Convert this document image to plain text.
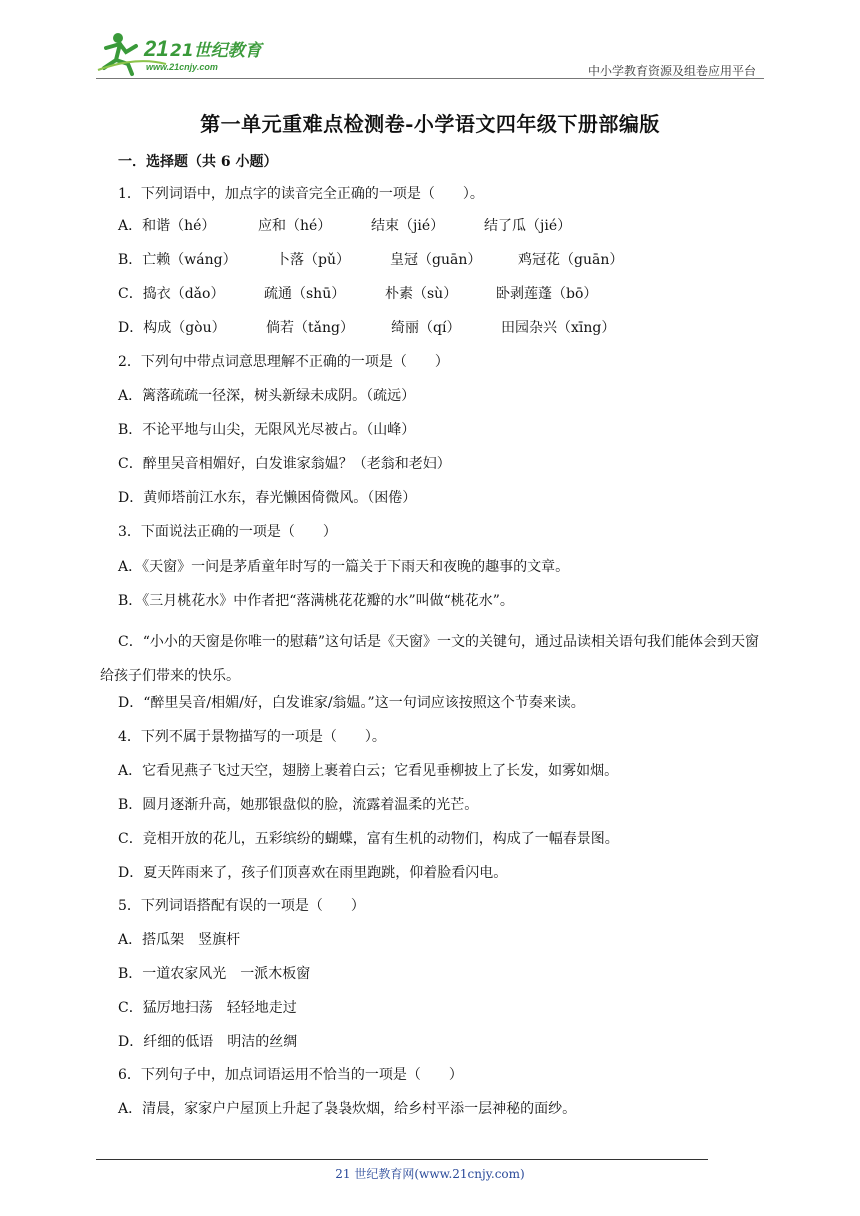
21 21世纪教育
www.21cnjy.com	中小学教育资源及组卷应用平台
第一单元重难点检测卷-小学语文四年级下册部编版
一．选择题（共 6 小题）
1．下列词语中，加点字的读音完全正确的一项是（　　）。
A．和谐（hé）	应和（hé）	结束（jié）	结了瓜（jié）
B．亡赖（wáng）	卜落（pǔ）	皇冠（guān）	鸡冠花（guān）
C．捣衣（dǎo）	疏通（shū）	朴素（sù）	卧剥莲蓬（bō）
D．构成（gòu）	倘若（tǎng）	绮丽（qí）	田园杂兴（xīng）
2．下列句中带点词意思理解不正确的一项是（　　）
A．篱落疏疏一径深，树头新绿未成阴。（疏远）
B．不论平地与山尖，无限风光尽被占。（山峰）
C．醉里吴音相媚好，白发谁家翁媪？（老翁和老妇）
D．黄师塔前江水东，春光懒困倚微风。（困倦）
3．下面说法正确的一项是（　　）
A．《天窗》一问是茅盾童年时写的一篇关于下雨天和夜晚的趣事的文章。
B．《三月桃花水》中作者把“落满桃花花瓣的水”叫做“桃花水”。
C．“小小的天窗是你唯一的慰藉”这句话是《天窗》一文的关键句，通过品读相关语句我们能体会到天窗给孩子们带来的快乐。
D．“醉里吴音/相媚/好，白发谁家/翁媪。”这一句词应该按照这个节奏来读。
4．下列不属于景物描写的一项是（　　）。
A．它看见燕子飞过天空，翅膀上裹着白云；它看见垂柳披上了长发，如雾如烟。
B．圆月逐渐升高，她那银盘似的脸，流露着温柔的光芒。
C．竞相开放的花儿，五彩缤纷的蝴蝶，富有生机的动物们，构成了一幅春景图。
D．夏天阵雨来了，孩子们顶喜欢在雨里跑跳，仰着脸看闪电。
5．下列词语搭配有误的一项是（　　）
A．搭瓜架　竖旗杆
B．一道农家风光　一派木板窗
C．猛厉地扫荡　轻轻地走过
D．纤细的低语　明洁的丝绸
6．下列句子中，加点词语运用不恰当的一项是（　　）
A．清晨，家家户户屋顶上升起了袅袅炊烟，给乡村平添一层神秘的面纱。
21 世纪教育网(www.21cnjy.com)
